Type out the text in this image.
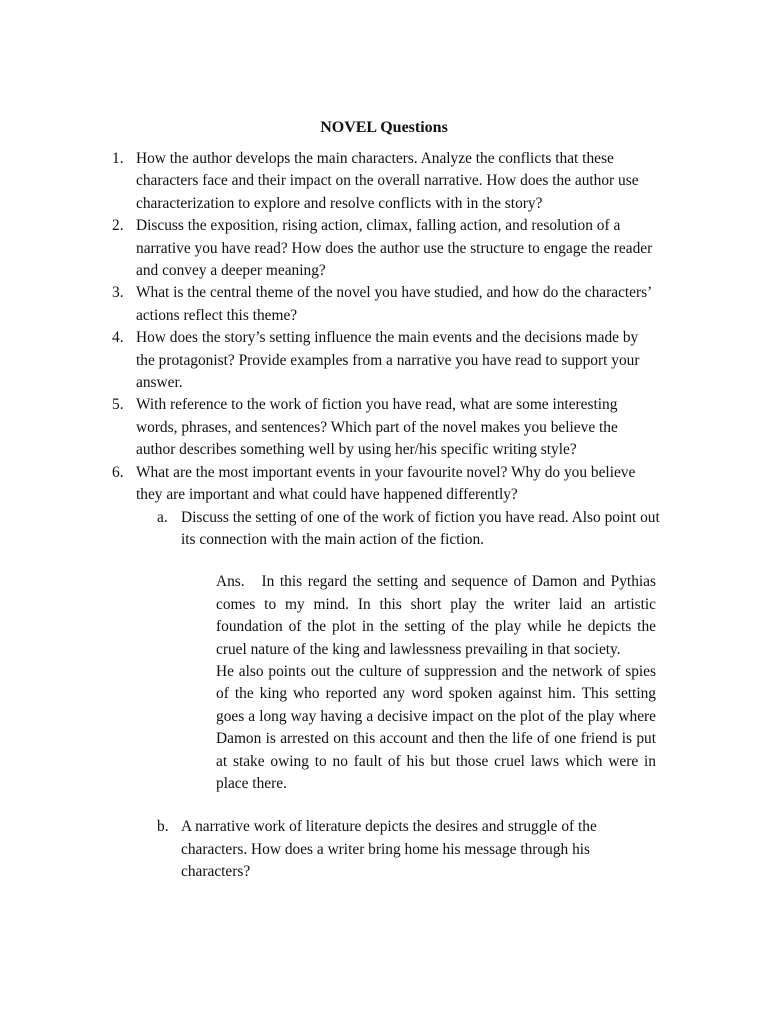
NOVEL Questions
1. How the author develops the main characters. Analyze the conflicts that these characters face and their impact on the overall narrative. How does the author use characterization to explore and resolve conflicts with in the story?
2. Discuss the exposition, rising action, climax, falling action, and resolution of a narrative you have read? How does the author use the structure to engage the reader and convey a deeper meaning?
3. What is the central theme of the novel you have studied, and how do the characters’ actions reflect this theme?
4. How does the story’s setting influence the main events and the decisions made by the protagonist? Provide examples from a narrative you have read to support your answer.
5. With reference to the work of fiction you have read, what are some interesting words, phrases, and sentences? Which part of the novel makes you believe the author describes something well by using her/his specific writing style?
6. What are the most important events in your favourite novel? Why do you believe they are important and what could have happened differently?
a. Discuss the setting of one of the work of fiction you have read. Also point out its connection with the main action of the fiction.

Ans.   In this regard the setting and sequence of Damon and Pythias comes to my mind. In this short play the writer laid an artistic foundation of the plot in the setting of the play while he depicts the cruel nature of the king and lawlessness prevailing in that society.

He also points out the culture of suppression and the network of spies of the king who reported any word spoken against him. This setting goes a long way having a decisive impact on the plot of the play where Damon is arrested on this account and then the life of one friend is put at stake owing to no fault of his but those cruel laws which were in place there.

b. A narrative work of literature depicts the desires and struggle of the characters. How does a writer bring home his message through his characters?
